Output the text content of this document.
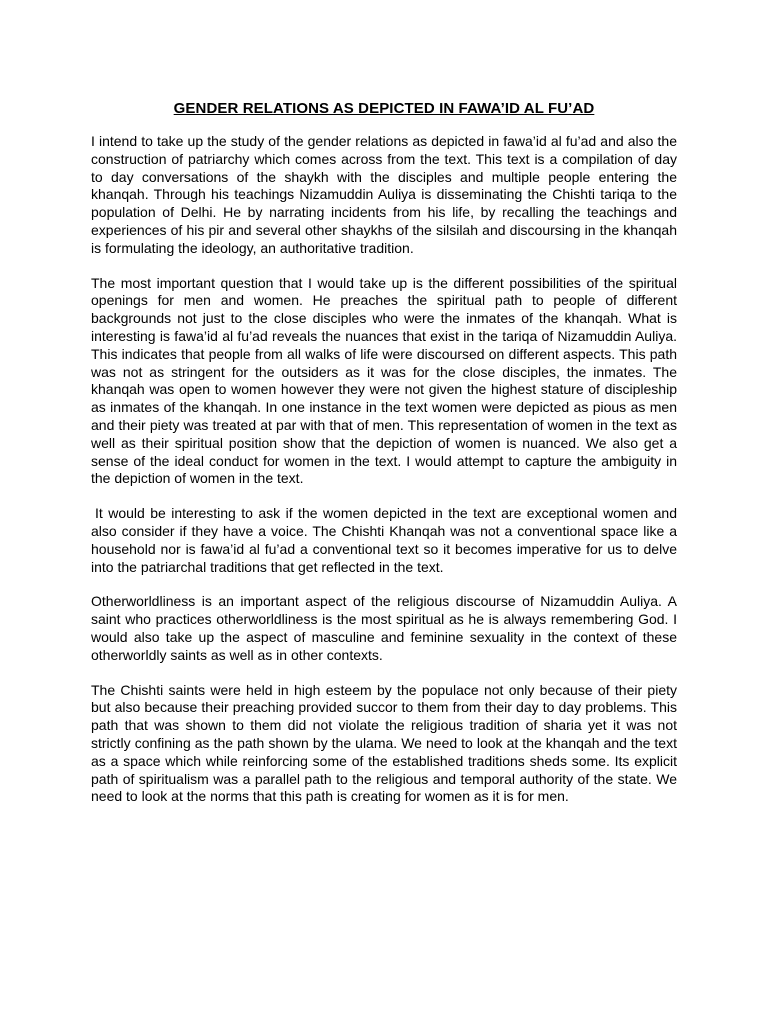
GENDER RELATIONS AS DEPICTED IN FAWA’ID AL FU’AD

I intend to take up the study of the gender relations as depicted in fawa’id al fu’ad and also the construction of patriarchy which comes across from the text. This text is a compilation of day to day conversations of the shaykh with the disciples and multiple people entering the khanqah. Through his teachings Nizamuddin Auliya is disseminating the Chishti tariqa to the population of Delhi. He by narrating incidents from his life, by recalling the teachings and experiences of his pir and several other shaykhs of the silsilah and discoursing in the khanqah is formulating the ideology, an authoritative tradition.

The most important question that I would take up is the different possibilities of the spiritual openings for men and women. He preaches the spiritual path to people of different backgrounds not just to the close disciples who were the inmates of the khanqah. What is interesting is fawa’id al fu’ad reveals the nuances that exist in the tariqa of Nizamuddin Auliya. This indicates that people from all walks of life were discoursed on different aspects. This path was not as stringent for the outsiders as it was for the close disciples, the inmates. The khanqah was open to women however they were not given the highest stature of discipleship as inmates of the khanqah. In one instance in the text women were depicted as pious as men and their piety was treated at par with that of men. This representation of women in the text as well as their spiritual position show that the depiction of women is nuanced. We also get a sense of the ideal conduct for women in the text. I would attempt to capture the ambiguity in the depiction of women in the text.

It would be interesting to ask if the women depicted in the text are exceptional women and also consider if they have a voice. The Chishti Khanqah was not a conventional space like a household nor is fawa’id al fu’ad a conventional text so it becomes imperative for us to delve into the patriarchal traditions that get reflected in the text.

Otherworldliness is an important aspect of the religious discourse of Nizamuddin Auliya. A saint who practices otherworldliness is the most spiritual as he is always remembering God. I would also take up the aspect of masculine and feminine sexuality in the context of these otherworldly saints as well as in other contexts.

The Chishti saints were held in high esteem by the populace not only because of their piety but also because their preaching provided succor to them from their day to day problems. This path that was shown to them did not violate the religious tradition of sharia yet it was not strictly confining as the path shown by the ulama. We need to look at the khanqah and the text as a space which while reinforcing some of the established traditions sheds some. Its explicit path of spiritualism was a parallel path to the religious and temporal authority of the state. We need to look at the norms that this path is creating for women as it is for men.
